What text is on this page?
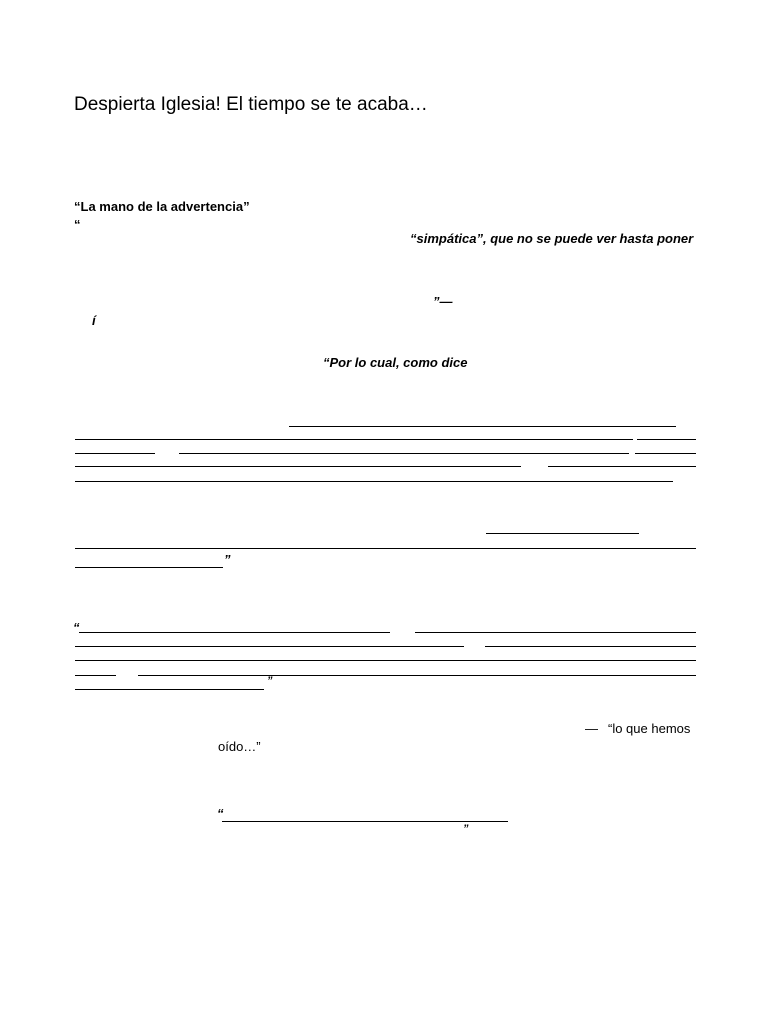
Despierta Iglesia! El tiempo se te acaba…
“La mano de la advertencia”
“
“simpática”, que no se puede ver hasta poner
”—
í
“Por lo cual, como dice
”
“
”
— “lo que hemos
oído…”
“
”
